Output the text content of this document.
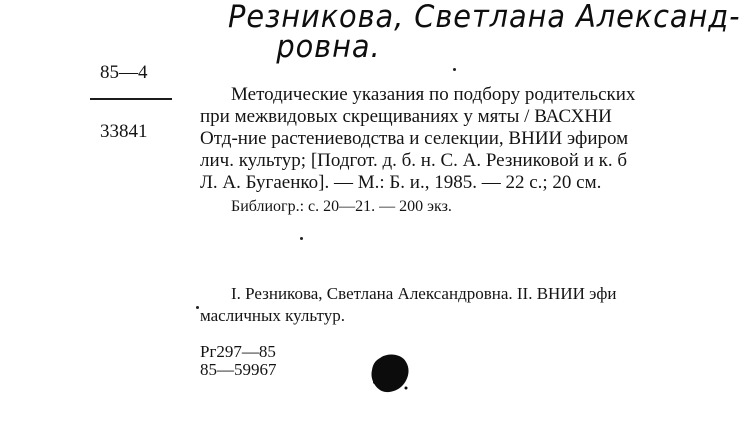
Резникова, Светлана Александ-
ровна.
85—4
33841
Методические указания по подбору родительских
при межвидовых скрещиваниях у мяты / ВАСХНИ
Отд-ние растениеводства и селекции, ВНИИ эфиром
лич. культур; [Подгот. д. б. н. С. А. Резниковой и к. б
Л. А. Бугаенко]. — М.: Б. и., 1985. — 22 с.; 20 см.
Библиогр.: с. 20—21. — 200 экз.
I. Резникова, Светлана Александровна. II. ВНИИ эфи
масличных культур.
Рг297—85
85—59967
